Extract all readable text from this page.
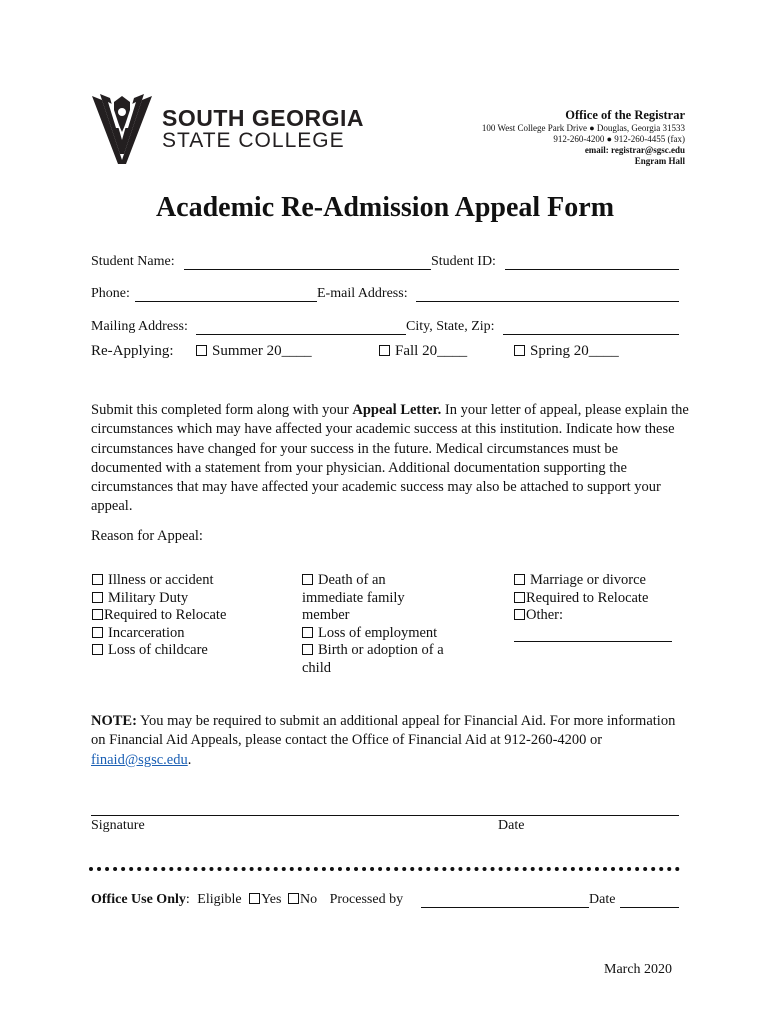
SOUTH GEORGIA
STATE COLLEGE
Office of the Registrar
100 West College Park Drive ● Douglas, Georgia 31533
912-260-4200 ● 912-260-4455 (fax)
email: registrar@sgsc.edu
Engram Hall
Academic Re-Admission Appeal Form
Student Name:	Student ID:
Phone:	E-mail Address:
Mailing Address:	City, State, Zip:
Re-Applying:	Summer 20____	Fall 20____	Spring 20____
Submit this completed form along with your Appeal Letter. In your letter of appeal, please explain the circumstances which may have affected your academic success at this institution. Indicate how these circumstances have changed for your success in the future. Medical circumstances must be documented with a statement from your physician. Additional documentation supporting the circumstances that may have affected your academic success may also be attached to support your appeal.
Reason for Appeal:
Illness or accident
Military Duty
Required to Relocate
Incarceration
Loss of childcare
Death of an
immediate family
member
Loss of employment
Birth or adoption of a
child
Marriage or divorce
Required to Relocate
Other:
NOTE: You may be required to submit an additional appeal for Financial Aid. For more information on Financial Aid Appeals, please contact the Office of Financial Aid at 912-260-4200 or finaid@sgsc.edu.
Signature	Date
Office Use Only: Eligible Yes No Processed by	Date
March 2020
